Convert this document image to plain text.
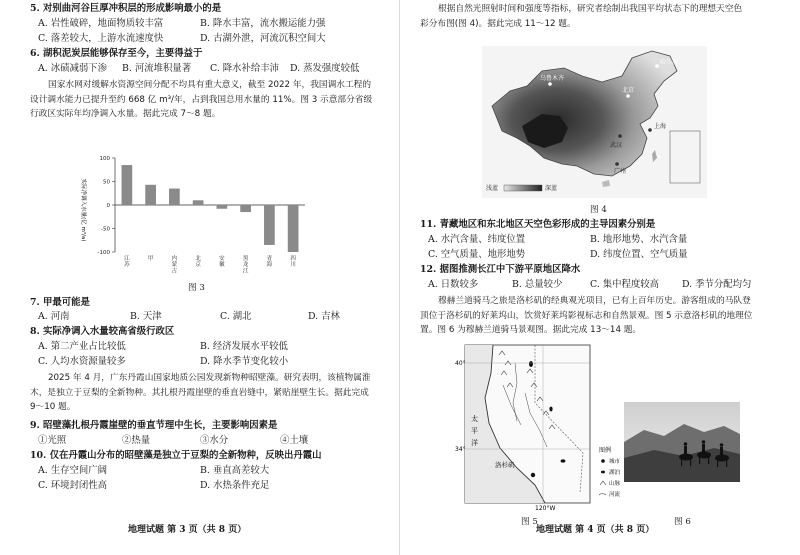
5. 对别曲河谷巨厚冲积层的形成影响最小的是
A. 岩性破碎，地面物质较丰富	B. 降水丰富，流水搬运能力强
C. 落差较大，上游水流速度快	D. 古湖外泄，河流沉积空间大
6. 湖积泥炭层能够保存至今，主要得益于
A. 冰碛减弱下渗 B. 河流堆积量著 C. 降水补给丰沛 D. 蒸发强度较低
国家水网对缓解水资源空间分配不均具有重大意义，截至 2022 年，我国调水工程的
设计调水能力已提升至约 668 亿 m³/年，占到我国总用水量的 11%。图 3 示意部分省级
行政区实际年均净调入水量。据此完成 7～8 题。
100
50
0
-50
-100
江苏
甲	内蒙古
北京
安徽
黑龙江
青海
四川
实际净调入水量(亿 m³/a)
图 3
7. 甲最可能是
A. 河南	B. 天津	C. 湖北	D. 吉林
8. 实际净调入水量较高省级行政区
A. 第二产业占比较低	B. 经济发展水平较低
C. 人均水资源量较多	D. 降水季节变化较小
2025 年 4 月，广东丹霞山国家地质公园发现新物种昭壁藻。研究表明，该植物属淮
木，是独立于豆梨的全新物种。其扎根丹霞崖壁的垂直岩缝中，紧贴崖壁生长。据此完成
9～10 题。
9. 昭壁藻扎根丹霞崖壁的垂直节理中生长，主要影响因素是
①光照	②热量	③水分	④土壤
10. 仅在丹霞山分布的昭壁藻是独立于豆梨的全新物种，反映出丹霞山
A. 生存空间广阔	B. 垂直高差较大
C. 环境封闭性高	D. 水热条件充足
地理试题 第 3 页（共 8 页）
根据自然光照射时间和强度等指标，研究者绘制出我国平均状态下的理想天空色
彩分布图(图 4)。据此完成 11～12 题。
哈尔滨
乌鲁木齐
北京
上海
武汉
广州
浅蓝	深蓝
图 4
11. 青藏地区和东北地区天空色彩形成的主导因素分别是
A. 水汽含量、纬度位置	B. 地形地势、水汽含量
C. 空气质量、地形地势	D. 纬度位置、空气质量
12. 据图推测长江中下游平原地区降水
A. 日数较多	B. 总量较少	C. 集中程度较高 D. 季节分配均匀
穆赫兰道骑马之旅是洛杉矶的经典观光项目，已有上百年历史。游客组成的马队登
顶位于洛杉矶的好莱坞山，饮赏好莱坞影视标志和自然景观。图 5 示意洛杉矶的地理位
置。图 6 为穆赫兰道骑马景观图。据此完成 13～14 题。
40°
34°
120°W
太
平
洋
洛杉矶
图例
城市
湖泊
山脉
河流
图 5	图 6
地理试题 第 4 页（共 8 页）
